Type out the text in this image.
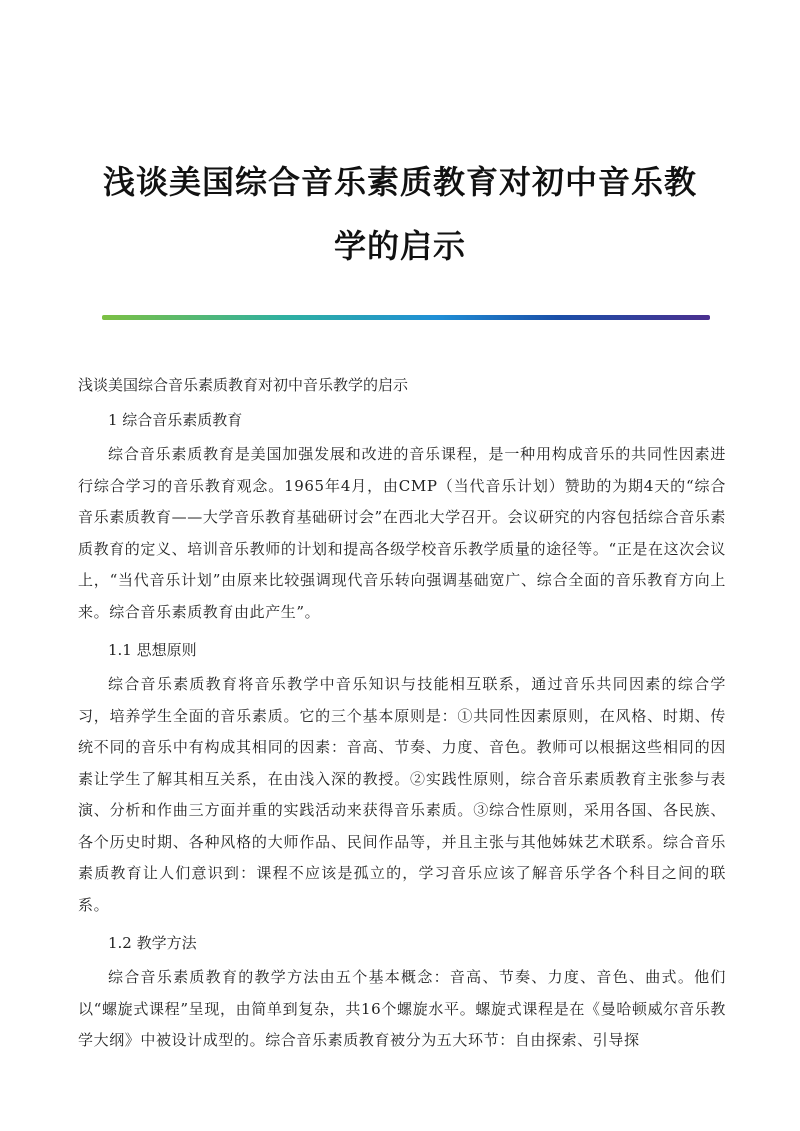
浅谈美国综合音乐素质教育对初中音乐教学的启示

浅谈美国综合音乐素质教育对初中音乐教学的启示

1 综合音乐素质教育

综合音乐素质教育是美国加强发展和改进的音乐课程，是一种用构成音乐的共同性因素进行综合学习的音乐教育观念。1965年4月，由CMP（当代音乐计划）赞助的为期4天的“综合音乐素质教育——大学音乐教育基础研讨会”在西北大学召开。会议研究的内容包括综合音乐素质教育的定义、培训音乐教师的计划和提高各级学校音乐教学质量的途径等。“正是在这次会议上，“当代音乐计划”由原来比较强调现代音乐转向强调基础宽广、综合全面的音乐教育方向上来。综合音乐素质教育由此产生”。

1.1 思想原则

综合音乐素质教育将音乐教学中音乐知识与技能相互联系，通过音乐共同因素的综合学习，培养学生全面的音乐素质。它的三个基本原则是：①共同性因素原则，在风格、时期、传统不同的音乐中有构成其相同的因素：音高、节奏、力度、音色。教师可以根据这些相同的因素让学生了解其相互关系，在由浅入深的教授。②实践性原则，综合音乐素质教育主张参与表演、分析和作曲三方面并重的实践活动来获得音乐素质。③综合性原则，采用各国、各民族、各个历史时期、各种风格的大师作品、民间作品等，并且主张与其他姊妹艺术联系。综合音乐素质教育让人们意识到：课程不应该是孤立的，学习音乐应该了解音乐学各个科目之间的联系。

1.2 教学方法

综合音乐素质教育的教学方法由五个基本概念：音高、节奏、力度、音色、曲式。他们以“螺旋式课程”呈现，由简单到复杂，共16个螺旋水平。螺旋式课程是在《曼哈顿威尔音乐教学大纲》中被设计成型的。综合音乐素质教育被分为五大环节：自由探索、引导探
